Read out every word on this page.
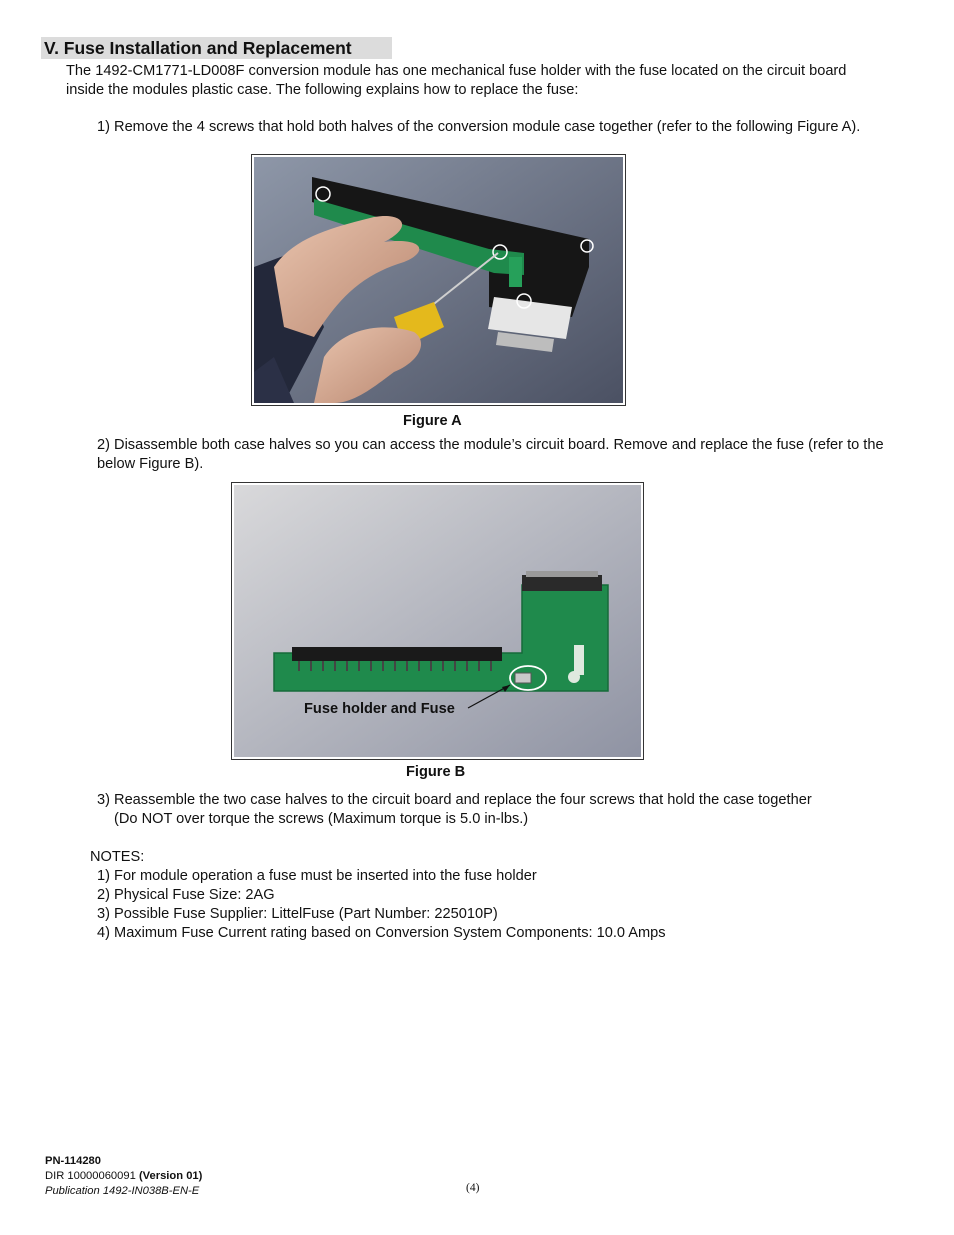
V. Fuse Installation and Replacement
The 1492-CM1771-LD008F conversion module has one mechanical fuse holder with the fuse located on the circuit board inside the modules plastic case. The following explains how to replace the fuse:
1) Remove the 4 screws that hold both halves of the conversion module case together (refer to the following Figure A).
Figure A
2) Disassemble both case halves so you can access the module’s circuit board. Remove and replace the fuse (refer to the below Figure B).
Fuse holder and Fuse
Figure B
3) Reassemble the two case halves to the circuit board and replace the four screws that hold the case together
(Do NOT over torque the screws (Maximum torque is 5.0 in-lbs.)
NOTES:
1) For module operation a fuse must be inserted into the fuse holder
2) Physical Fuse Size: 2AG
3) Possible Fuse Supplier: LittelFuse (Part Number: 225010P)
4) Maximum Fuse Current rating based on Conversion System Components: 10.0 Amps
PN-114280
DIR 10000060091 (Version 01)
Publication 1492-IN038B-EN-E	(4)
